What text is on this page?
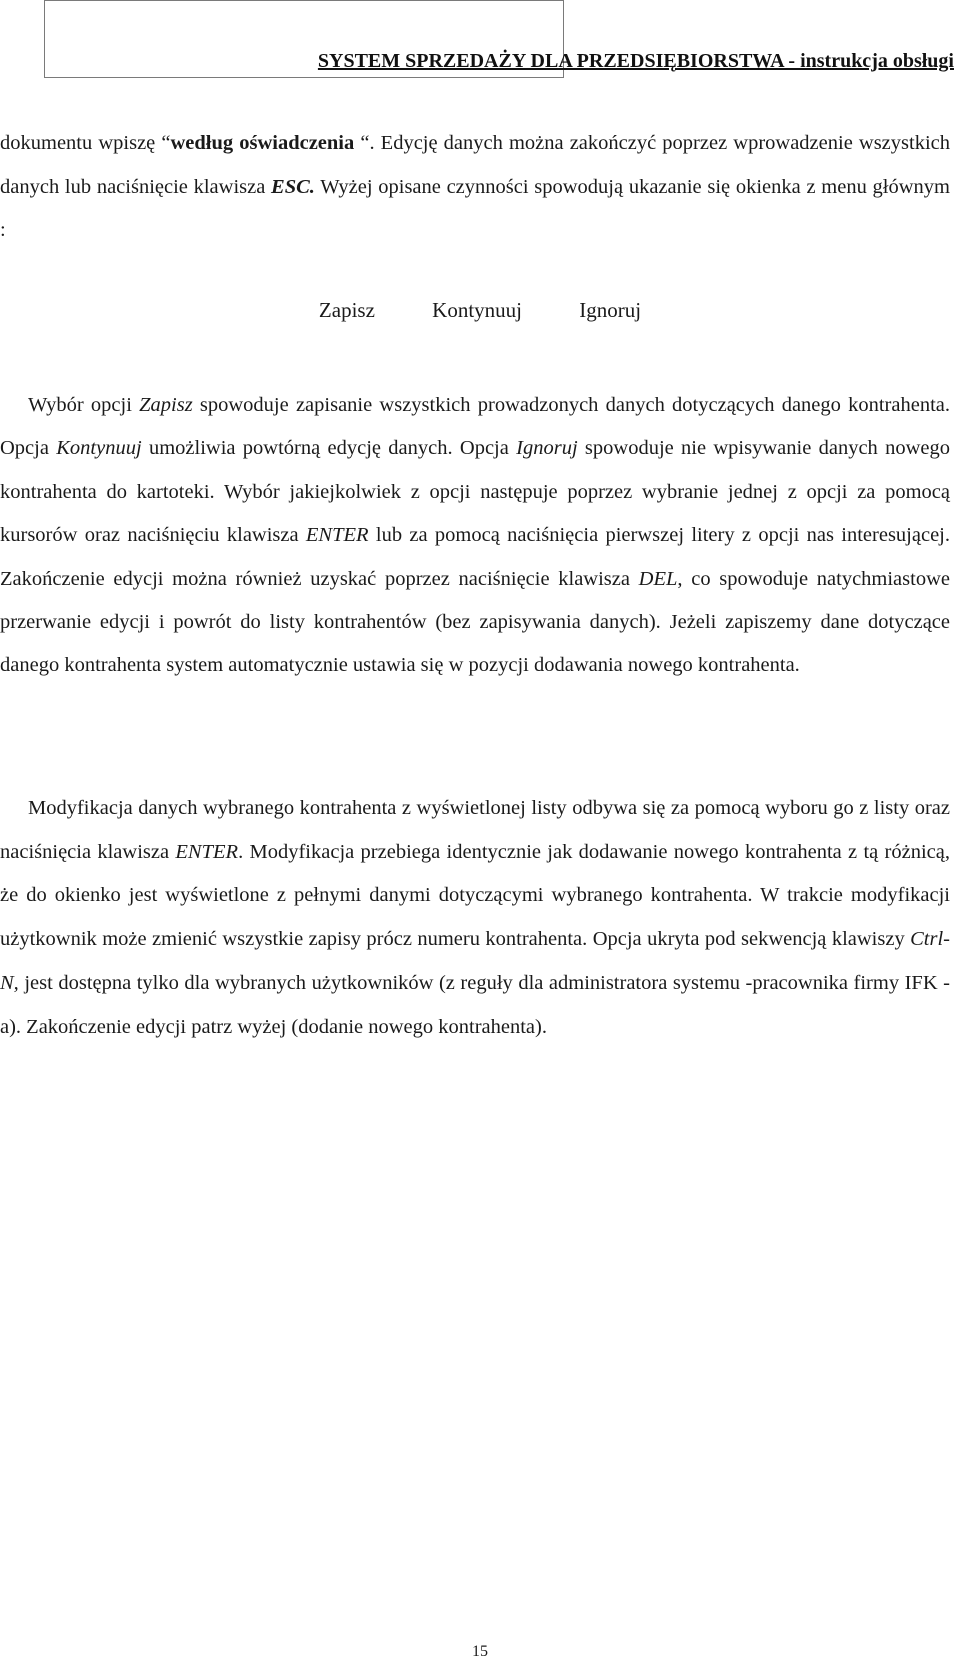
SYSTEM SPRZEDAŻY DLA PRZEDSIĘBIORSTWA - instrukcja obsługi

dokumentu wpiszę “według oświadczenia “. Edycję danych można zakończyć poprzez wprowadzenie wszystkich danych lub naciśnięcie klawisza ESC. Wyżej opisane czynności spowodują ukazanie się okienka z menu głównym :

Zapisz	Kontynuuj	Ignoruj

Wybór opcji Zapisz spowoduje zapisanie wszystkich prowadzonych danych dotyczących danego kontrahenta. Opcja Kontynuuj umożliwia powtórną edycję danych. Opcja Ignoruj spowoduje nie wpisywanie danych nowego kontrahenta do kartoteki. Wybór jakiejkolwiek z opcji następuje poprzez wybranie jednej z opcji za pomocą kursorów oraz naciśnięciu klawisza ENTER lub za pomocą naciśnięcia pierwszej litery z opcji nas interesującej. Zakończenie edycji można również uzyskać poprzez naciśnięcie klawisza DEL, co spowoduje natychmiastowe przerwanie edycji i powrót do listy kontrahentów (bez zapisywania danych). Jeżeli zapiszemy dane dotyczące danego kontrahenta system automatycznie ustawia się w pozycji dodawania nowego kontrahenta.

Modyfikacja danych wybranego kontrahenta z wyświetlonej listy odbywa się za pomocą wyboru go z listy oraz naciśnięcia klawisza ENTER. Modyfikacja przebiega identycznie jak dodawanie nowego kontrahenta z tą różnicą, że do okienko jest wyświetlone z pełnymi danymi dotyczącymi wybranego kontrahenta. W trakcie modyfikacji użytkownik może zmienić wszystkie zapisy prócz numeru kontrahenta. Opcja ukryta pod sekwencją klawiszy Ctrl-N, jest dostępna tylko dla wybranych użytkowników (z reguły dla administratora systemu -pracownika firmy IFK - a). Zakończenie edycji patrz wyżej (dodanie nowego kontrahenta).

15
